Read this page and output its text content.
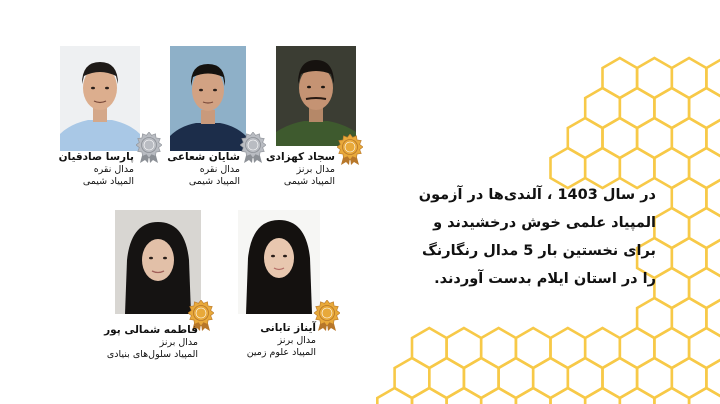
پارسا صادقیان
مدال نقره
المپیاد شیمی
شایان شعاعی
مدال نقره
المپیاد شیمی
سجاد کهزادی
مدال برنز
المپیاد شیمی
فاطمه شمالی پور
مدال برنز
المپیاد سلول‌های بنیادی
آیناز تابانی
مدال برنز
المپیاد علوم زمین
در سال 1403 ، آلندی‌ها در آزمون
المپیاد علمی خوش درخشیدند و
برای نخستین بار 5 مدال رنگارنگ
را در استان ایلام بدست آوردند.
